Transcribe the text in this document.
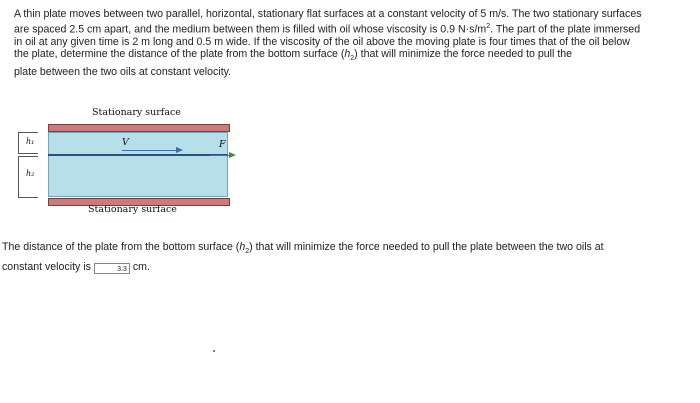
A thin plate moves between two parallel, horizontal, stationary flat surfaces at a constant velocity of 5 m/s. The two stationary surfaces

are spaced 2.5 cm apart, and the medium between them is filled with oil whose viscosity is 0.9 $N\cdot s/m^2$. The part of the plate immersed

in oil at any given time is 2 m long and 0.5 m wide. If the viscosity of the oil above the moving plate is four times that of the oil below

the plate, determine the distance of the plate from the bottom surface $(h_2)$ that will minimize the force needed to pull the

plate between the two oils at constant velocity.

Stationary surface
h₁
h₂
V	F
Stationary surface
The distance of the plate from the bottom surface $(h_2)$ that will minimize the force needed to pull the plate between the two oils at
constant velocity is	3.3 cm.
